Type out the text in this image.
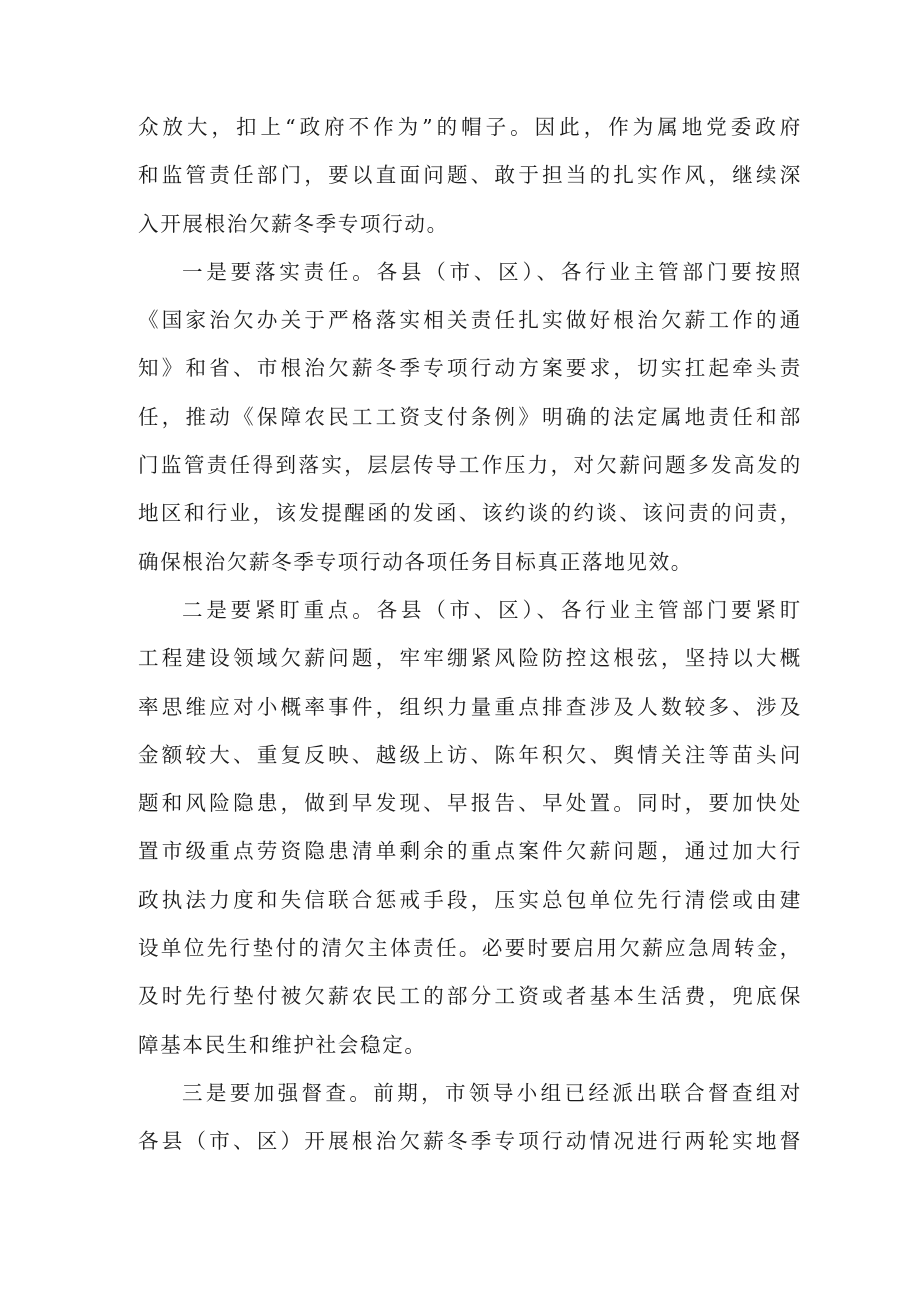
众放大，扣上“政府不作为”的帽子。因此，作为属地党委政府
和监管责任部门，要以直面问题、敢于担当的扎实作风，继续深
入开展根治欠薪冬季专项行动。
一是要落实责任。各县（市、区）、各行业主管部门要按照
《国家治欠办关于严格落实相关责任扎实做好根治欠薪工作的通
知》和省、市根治欠薪冬季专项行动方案要求，切实扛起牵头责
任，推动《保障农民工工资支付条例》明确的法定属地责任和部
门监管责任得到落实，层层传导工作压力，对欠薪问题多发高发的
地区和行业，该发提醒函的发函、该约谈的约谈、该问责的问责，
确保根治欠薪冬季专项行动各项任务目标真正落地见效。
二是要紧盯重点。各县（市、区）、各行业主管部门要紧盯
工程建设领域欠薪问题，牢牢绷紧风险防控这根弦，坚持以大概
率思维应对小概率事件，组织力量重点排查涉及人数较多、涉及
金额较大、重复反映、越级上访、陈年积欠、舆情关注等苗头问
题和风险隐患，做到早发现、早报告、早处置。同时，要加快处
置市级重点劳资隐患清单剩余的重点案件欠薪问题，通过加大行
政执法力度和失信联合惩戒手段，压实总包单位先行清偿或由建
设单位先行垫付的清欠主体责任。必要时要启用欠薪应急周转金，
及时先行垫付被欠薪农民工的部分工资或者基本生活费，兜底保
障基本民生和维护社会稳定。
三是要加强督查。前期，市领导小组已经派出联合督查组对
各县（市、区）开展根治欠薪冬季专项行动情况进行两轮实地督
